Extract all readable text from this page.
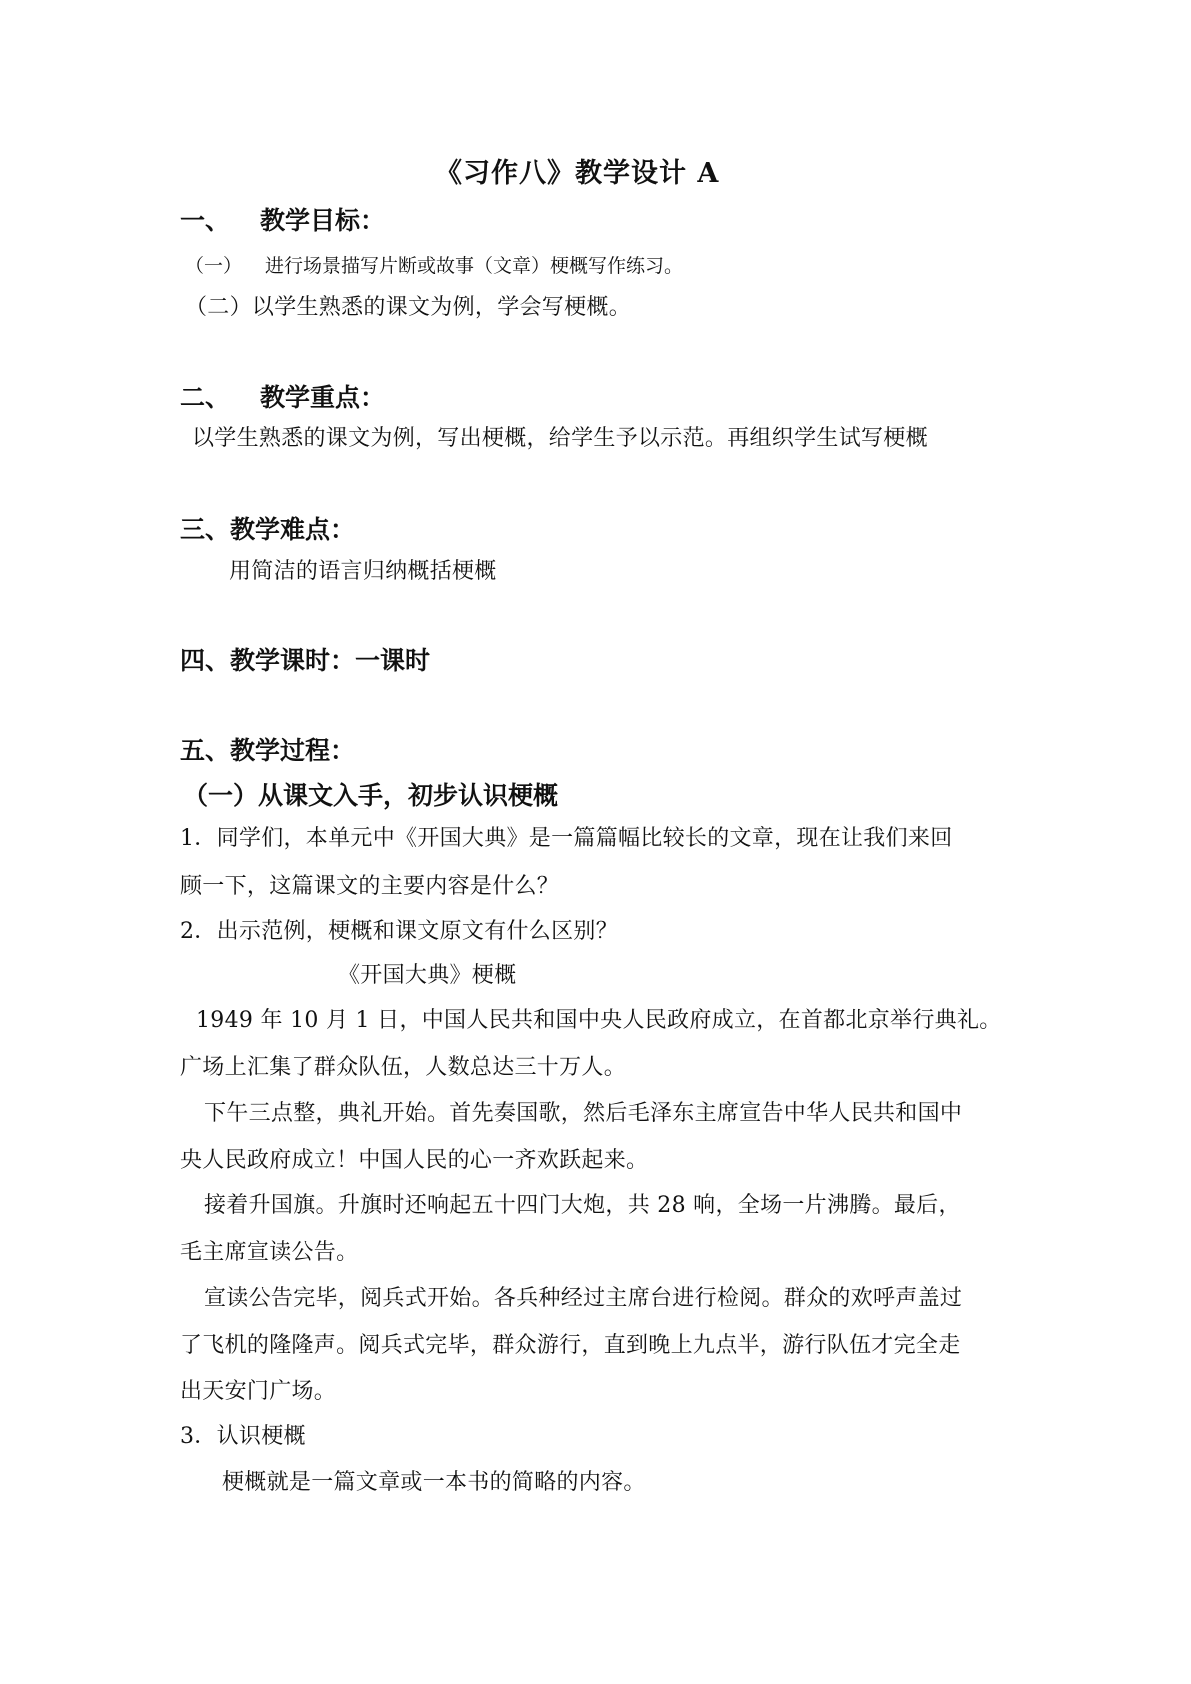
《习作八》教学设计 A
一、 教学目标：
（一） 进行场景描写片断或故事（文章）梗概写作练习。
（二）以学生熟悉的课文为例，学会写梗概。
二、 教学重点：
以学生熟悉的课文为例，写出梗概，给学生予以示范。再组织学生试写梗概
三、教学难点：
用简洁的语言归纳概括梗概
四、教学课时：一课时
五、教学过程：
（一）从课文入手，初步认识梗概
1．同学们，本单元中《开国大典》是一篇篇幅比较长的文章，现在让我们来回
顾一下，这篇课文的主要内容是什么？
2．出示范例，梗概和课文原文有什么区别？
《开国大典》梗概
1949 年 10 月 1 日，中国人民共和国中央人民政府成立，在首都北京举行典礼。
广场上汇集了群众队伍，人数总达三十万人。
下午三点整，典礼开始。首先奏国歌，然后毛泽东主席宣告中华人民共和国中
央人民政府成立！中国人民的心一齐欢跃起来。
接着升国旗。升旗时还响起五十四门大炮，共 28 响，全场一片沸腾。最后，
毛主席宣读公告。
宣读公告完毕，阅兵式开始。各兵种经过主席台进行检阅。群众的欢呼声盖过
了飞机的隆隆声。阅兵式完毕，群众游行，直到晚上九点半，游行队伍才完全走
出天安门广场。
3．认识梗概
梗概就是一篇文章或一本书的简略的内容。
